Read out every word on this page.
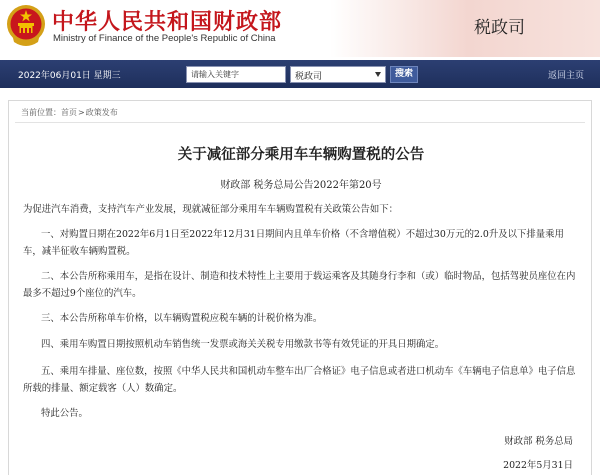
中华人民共和国财政部
Ministry of Finance of the People's Republic of China
税政司
2022年06月01日 星期三
请输入关键字	税政司	搜索	返回主页
当前位置：首页>政策发布
关于减征部分乘用车车辆购置税的公告
财政部 税务总局公告2022年第20号
为促进汽车消费，支持汽车产业发展，现就减征部分乘用车车辆购置税有关政策公告如下：
一、对购置日期在2022年6月1日至2022年12月31日期间内且单车价格（不含增值税）不超过30万元的2.0升及以下排量乘用车，减半征收车辆购置税。
二、本公告所称乘用车，是指在设计、制造和技术特性上主要用于载运乘客及其随身行李和（或）临时物品，包括驾驶员座位在内最多不超过9个座位的汽车。
三、本公告所称单车价格，以车辆购置税应税车辆的计税价格为准。
四、乘用车购置日期按照机动车销售统一发票或海关关税专用缴款书等有效凭证的开具日期确定。
五、乘用车排量、座位数，按照《中华人民共和国机动车整车出厂合格证》电子信息或者进口机动车《车辆电子信息单》电子信息所载的排量、额定载客（人）数确定。
特此公告。
财政部 税务总局
2022年5月31日
